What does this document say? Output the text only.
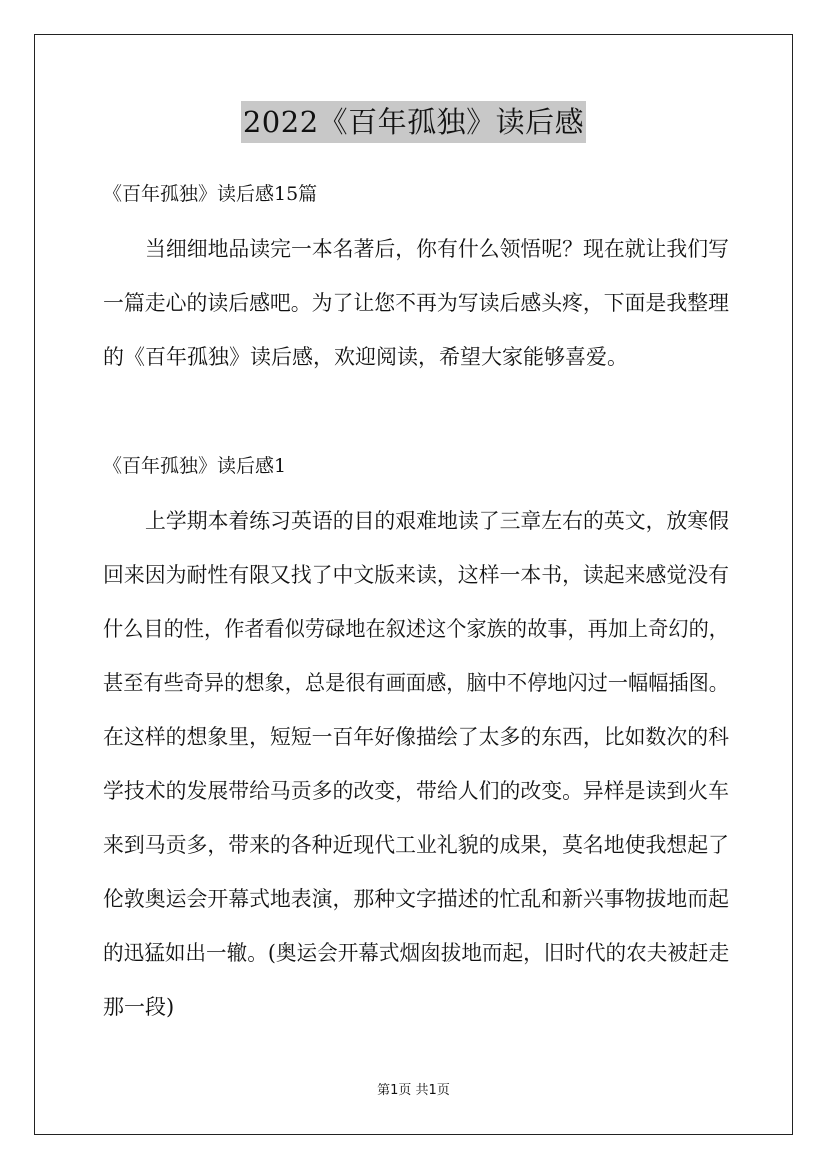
2022《百年孤独》读后感
《百年孤独》读后感15篇
当细细地品读完一本名著后，你有什么领悟呢？现在就让我们写
一篇走心的读后感吧。为了让您不再为写读后感头疼，下面是我整理
的《百年孤独》读后感，欢迎阅读，希望大家能够喜爱。
《百年孤独》读后感1
上学期本着练习英语的目的艰难地读了三章左右的英文，放寒假
回来因为耐性有限又找了中文版来读，这样一本书，读起来感觉没有
什么目的性，作者看似劳碌地在叙述这个家族的故事，再加上奇幻的，
甚至有些奇异的想象，总是很有画面感，脑中不停地闪过一幅幅插图。
在这样的想象里，短短一百年好像描绘了太多的东西，比如数次的科
学技术的发展带给马贡多的改变，带给人们的改变。异样是读到火车
来到马贡多，带来的各种近现代工业礼貌的成果，莫名地使我想起了
伦敦奥运会开幕式地表演，那种文字描述的忙乱和新兴事物拔地而起
的迅猛如出一辙。(奥运会开幕式烟囱拔地而起，旧时代的农夫被赶走
那一段)
第1页 共1页
